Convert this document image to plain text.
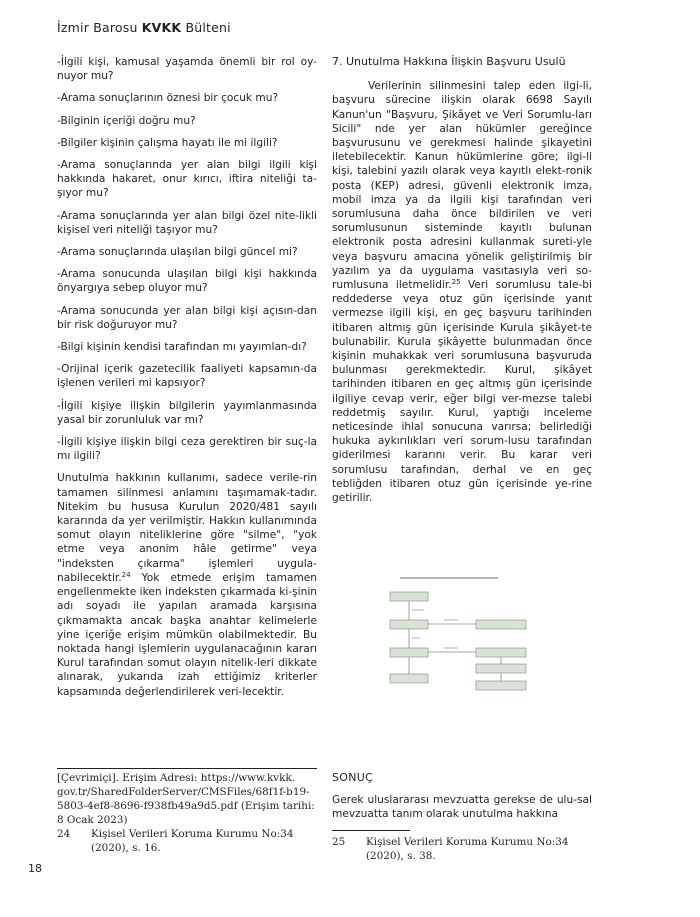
İzmir Barosu KVKK Bülteni

-İlgili kişi, kamusal yaşamda önemli bir rol oy-nuyor mu?

-Arama sonuçlarının öznesi bir çocuk mu?

-Bilginin içeriği doğru mu?

-Bilgiler kişinin çalışma hayatı ile mi ilgili?

-Arama sonuçlarında yer alan bilgi ilgili kişi hakkında hakaret, onur kırıcı, iftira niteliği ta-şıyor mu?

-Arama sonuçlarında yer alan bilgi özel nite-likli kişisel veri niteliği taşıyor mu?

-Arama sonuçlarında ulaşılan bilgi güncel mi?

-Arama sonucunda ulaşılan bilgi kişi hakkında önyargıya sebep oluyor mu?

-Arama sonucunda yer alan bilgi kişi açısın-dan bir risk doğuruyor mu?

-Bilgi kişinin kendisi tarafından mı yayımlan-dı?

-Orijinal içerik gazetecilik faaliyeti kapsamın-da işlenen verileri mi kapsıyor?

-İlgili kişiye ilişkin bilgilerin yayımlanmasında yasal bir zorunluluk var mı?

-İlgili kişiye ilişkin bilgi ceza gerektiren bir suç-la mı ilgili?

Unutulma hakkının kullanımı, sadece verile-rin tamamen silinmesi anlamını taşımamak-tadır. Nitekim bu hususa Kurulun 2020/481 sayılı kararında da yer verilmiştir. Hakkın kullanımında somut olayın niteliklerine göre "silme", "yok etme veya anonim hâle getirme" veya "indeksten çıkarma" işlemleri uygula-nabilecektir.$^{24}$ Yok etmede erişim tamamen engellenmekte iken indeksten çıkarmada ki-şinin adı soyadı ile yapılan aramada karşısına çıkmamakta ancak başka anahtar kelimelerle yine içeriğe erişim mümkün olabilmektedir. Bu noktada hangi işlemlerin uygulanacağının kararı Kurul tarafından somut olayın nitelik-leri dikkate alınarak, yukarıda izah ettiğimiz kriterler kapsamında değerlendirilerek veri-lecektir.

[Çevrimiçi]. Erişim Adresi: https://www.kvkk. gov.tr/SharedFolderServer/CMSFiles/68f1f-b19-5803-4ef8-8696-f938fb49a9d5.pdf (Erişim tarihi: 8 Ocak 2023)
24	Kişisel Verileri Koruma Kurumu No:34 (2020), s. 16.

7. Unutulma Hakkına İlişkin Başvuru Usulü

Verilerinin silinmesini talep eden ilgi-li, başvuru sürecine ilişkin olarak 6698 Sayılı Kanun'un "Başvuru, Şikâyet ve Veri Sorumlu-ları Sicili" nde yer alan hükümler gereğince başvurusunu ve gerekmesi halinde şikayetini iletebilecektir. Kanun hükümlerine göre; ilgi-li kişi, talebini yazılı olarak veya kayıtlı elekt-ronik posta (KEP) adresi, güvenli elektronik imza, mobil imza ya da ilgili kişi tarafından veri sorumlusuna daha önce bildirilen ve veri sorumlusunun sisteminde kayıtlı bulunan elektronik posta adresini kullanmak sureti-yle veya başvuru amacına yönelik geliştirilmiş bir yazılım ya da uygulama vasıtasıyla veri so-rumlusuna iletmelidir.$^{25}$ Veri sorumlusu tale-bi reddederse veya otuz gün içerisinde yanıt vermezse ilgili kişi, en geç başvuru tarihinden itibaren altmış gün içerisinde Kurula şikâyet-te bulunabilir. Kurula şikâyette bulunmadan önce kişinin muhakkak veri sorumlusuna başvuruda bulunması gerekmektedir. Kurul, şikâyet tarihinden itibaren en geç altmış gün içerisinde ilgiliye cevap verir, eğer bilgi ver-mezse talebi reddetmiş sayılır. Kurul, yaptığı inceleme neticesinde ihlal sonucuna varırsa; belirlediği hukuka aykırılıkları veri sorum-lusu tarafından giderilmesi kararını verir. Bu karar veri sorumlusu tarafından, derhal ve en geç tebliğden itibaren otuz gün içerisinde ye-rine getirilir.

SONUÇ
Gerek uluslararası mevzuatta gerekse de ulu-sal mevzuatta tanım olarak unutulma hakkına
25	Kişisel Verileri Koruma Kurumu No:34 (2020), s. 38.
18
